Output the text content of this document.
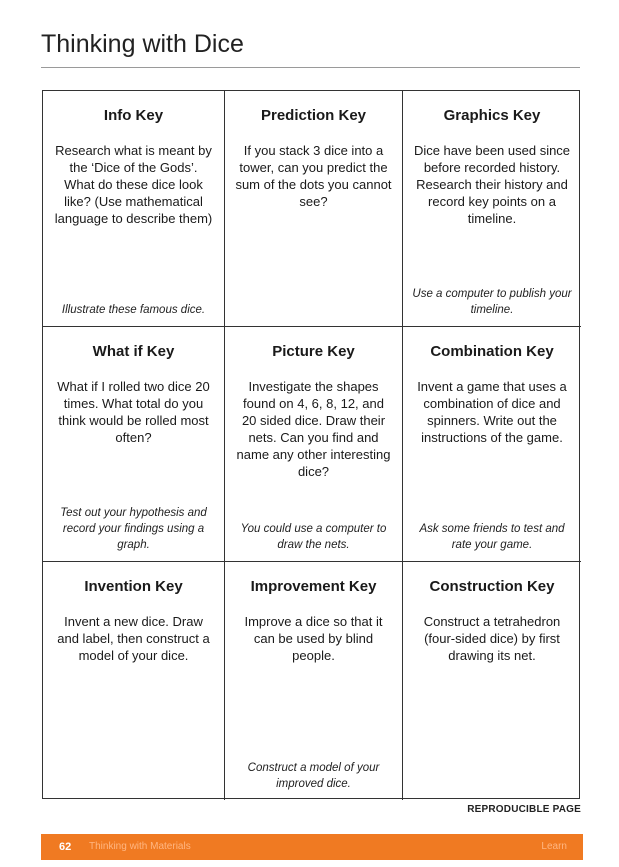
Thinking with Dice
Info Key
Research what is meant by the ‘Dice of the Gods’. What do these dice look like? (Use mathematical language to describe them)
Illustrate these famous dice.
Prediction Key
If you stack 3 dice into a tower, can you predict the sum of the dots you cannot see?
Graphics Key
Dice have been used since before recorded history. Research their history and record key points on a timeline.
Use a computer to publish your timeline.
What if Key
What if I rolled two dice 20 times. What total do you think would be rolled most often?
Test out your hypothesis and record your findings using a graph.
Picture Key
Investigate the shapes found on 4, 6, 8, 12, and 20 sided dice. Draw their nets. Can you find and name any other interesting dice?
You could use a computer to draw the nets.
Combination Key
Invent a game that uses a combination of dice and spinners. Write out the instructions of the game.
Ask some friends to test and rate your game.
Invention Key
Invent a new dice. Draw and label, then construct a model of your dice.
Improvement Key
Improve a dice so that it can be used by blind people.
Construct a model of your improved dice.
Construction Key
Construct a tetrahedron (four-sided dice) by first drawing its net.
REPRODUCIBLE PAGE
62 Thinking with Materials	Learn
